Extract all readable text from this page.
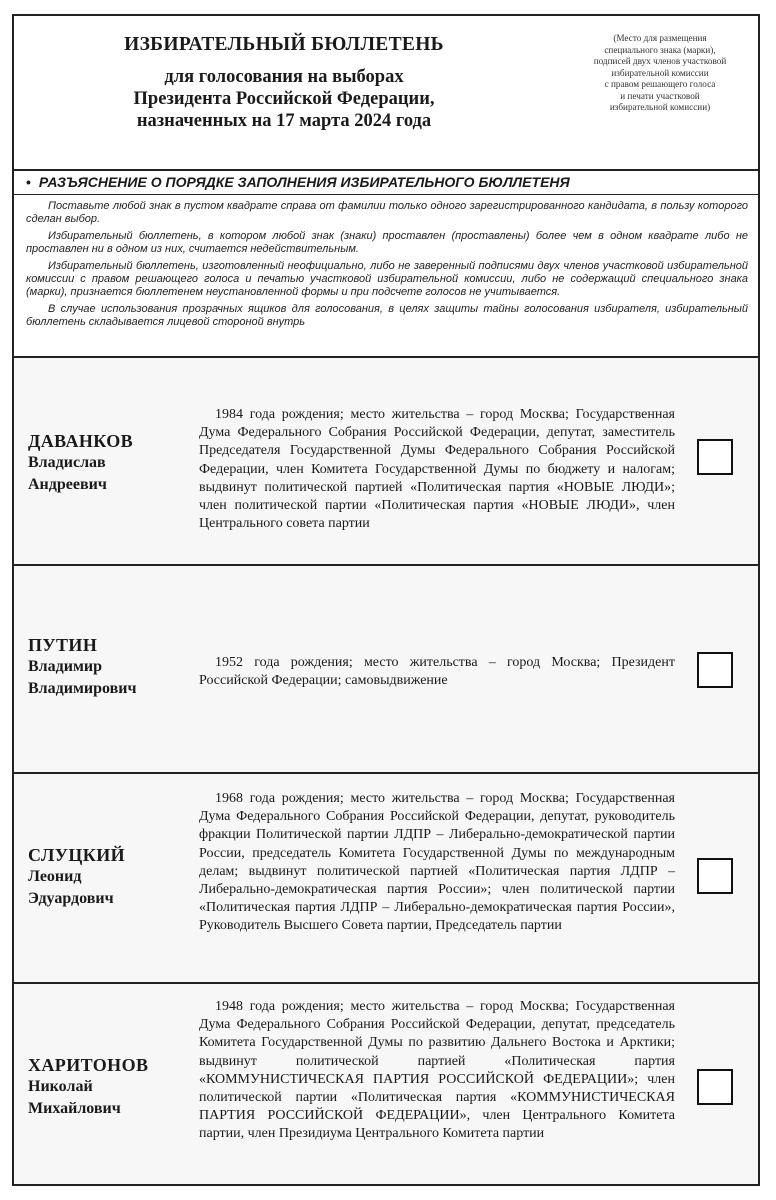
ИЗБИРАТЕЛЬНЫЙ БЮЛЛЕТЕНЬ
для голосования на выборах
Президента Российской Федерации,
назначенных на 17 марта 2024 года
(Место для размещения
специального знака (марки),
подписей двух членов участковой
избирательной комиссии
с правом решающего голоса
и печати участковой
избирательной комиссии)
• РАЗЪЯСНЕНИЕ О ПОРЯДКЕ ЗАПОЛНЕНИЯ ИЗБИРАТЕЛЬНОГО БЮЛЛЕТЕНЯ

Поставьте любой знак в пустом квадрате справа от фамилии только одного зарегистрированного кандидата, в пользу которого сделан выбор.

Избирательный бюллетень, в котором любой знак (знаки) проставлен (проставлены) более чем в одном квадрате либо не проставлен ни в одном из них, считается недействительным.

Избирательный бюллетень, изготовленный неофициально, либо не заверенный подписями двух членов участковой избирательной комиссии с правом решающего голоса и печатью участковой избирательной комиссии, либо не содержащий специального знака (марки), признается бюллетенем неустановленной формы и при подсчете голосов не учитывается.

В случае использования прозрачных ящиков для голосования, в целях защиты тайны голосования избирателя, избирательный бюллетень складывается лицевой стороной внутрь

ДАВАНКОВ
Владислав
Андреевич
1984 года рождения; место жительства – город Москва; Государственная Дума Федерального Собрания Российской Федерации, депутат, заместитель Председателя Государственной Думы Федерального Собрания Российской Федерации, член Комитета Государственной Думы по бюджету и налогам; выдвинут политической партией «Политическая партия «НОВЫЕ ЛЮДИ»; член политической партии «Политическая партия «НОВЫЕ ЛЮДИ», член Центрального совета партии
ПУТИН
Владимир
Владимирович
1952 года рождения; место жительства – город Москва; Президент Российской Федерации; самовыдвижение
СЛУЦКИЙ
Леонид
Эдуардович
1968 года рождения; место жительства – город Москва; Государственная Дума Федерального Собрания Российской Федерации, депутат, руководитель фракции Политической партии ЛДПР – Либерально-демократической партии России, председатель Комитета Государственной Думы по международным делам; выдвинут политической партией «Политическая партия ЛДПР – Либерально-демократическая партия России»; член политической партии «Политическая партия ЛДПР – Либерально-демократическая партия России», Руководитель Высшего Совета партии, Председатель партии
ХАРИТОНОВ
Николай
Михайлович
1948 года рождения; место жительства – город Москва; Государственная Дума Федерального Собрания Российской Федерации, депутат, председатель Комитета Государственной Думы по развитию Дальнего Востока и Арктики; выдвинут политической партией «Политическая партия «КОММУНИСТИЧЕСКАЯ ПАРТИЯ РОССИЙСКОЙ ФЕДЕРАЦИИ»; член политической партии «Политическая партия «КОММУНИСТИЧЕСКАЯ ПАРТИЯ РОССИЙСКОЙ ФЕДЕРАЦИИ», член Центрального Комитета партии, член Президиума Центрального Комитета партии
